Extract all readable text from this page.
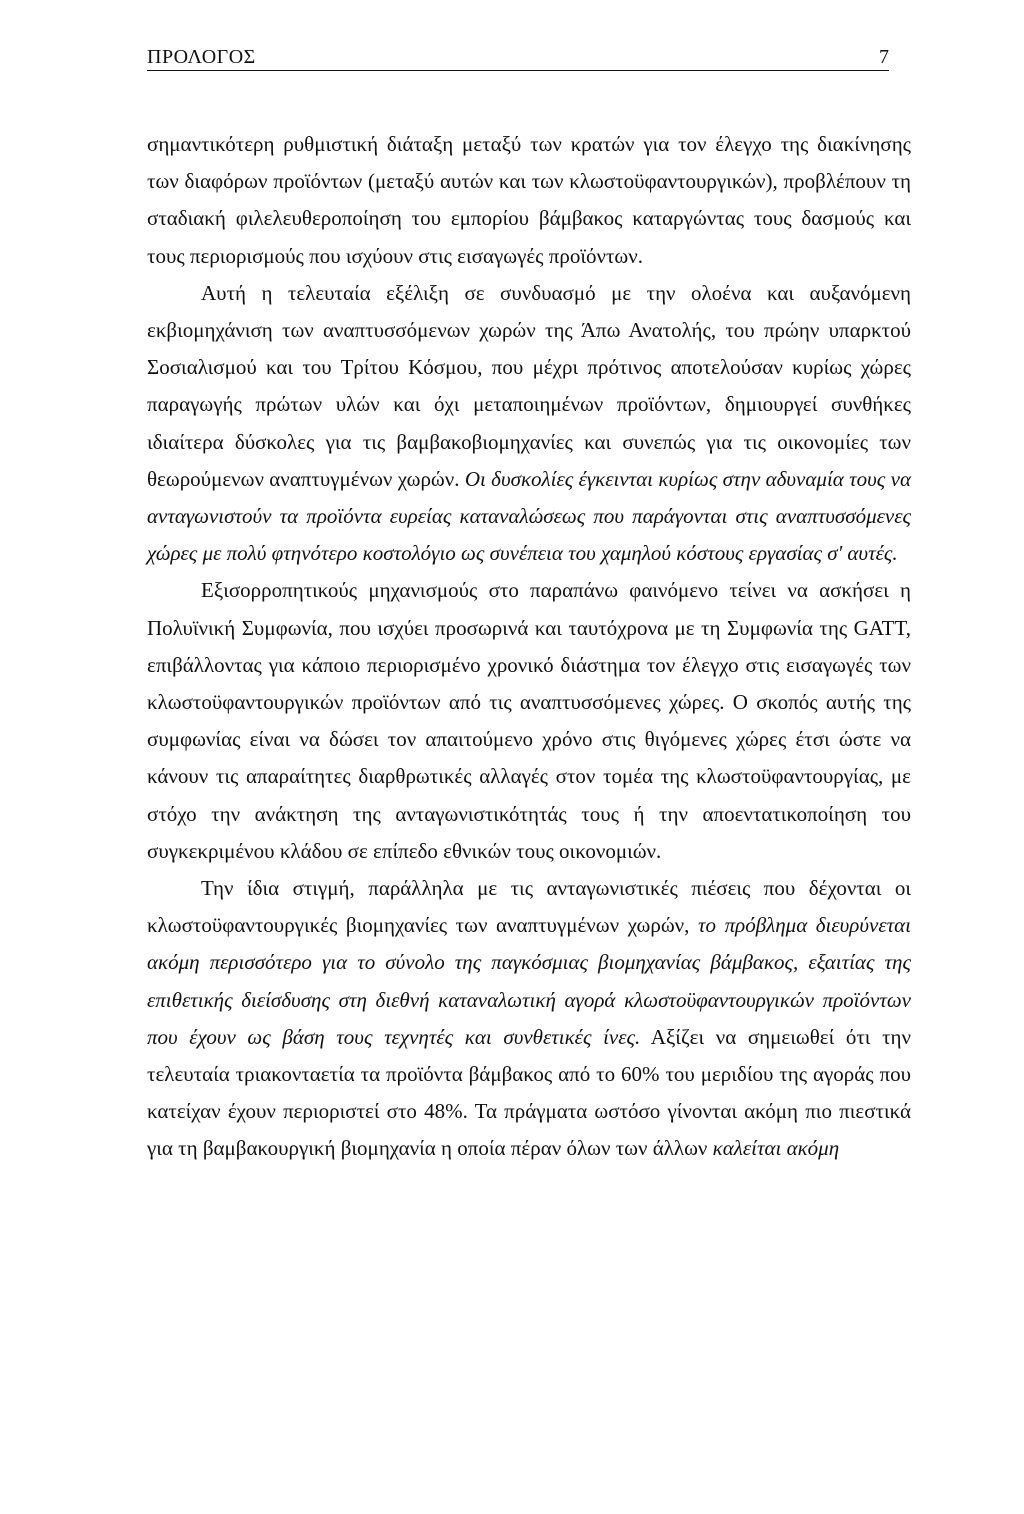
ΠΡΟΛΟΓΟΣ	7

σημαντικότερη ρυθμιστική διάταξη μεταξύ των κρατών για τον έλεγχο της διακίνησης των διαφόρων προϊόντων (μεταξύ αυτών και των κλωστοϋφαντουργικών), προβλέπουν τη σταδιακή φιλελευθεροποίηση του εμπορίου βάμβακος καταργώντας τους δασμούς και τους περιορισμούς που ισχύουν στις εισαγωγές προϊόντων.

Αυτή η τελευταία εξέλιξη σε συνδυασμό με την ολοένα και αυξανόμενη εκβιομηχάνιση των αναπτυσσόμενων χωρών της Άπω Ανατολής, του πρώην υπαρκτού Σοσιαλισμού και του Τρίτου Κόσμου, που μέχρι πρότινος αποτελούσαν κυρίως χώρες παραγωγής πρώτων υλών και όχι μεταποιημένων προϊόντων, δημιουργεί συνθήκες ιδιαίτερα δύσκολες για τις βαμβακοβιομηχανίες και συνεπώς για τις οικονομίες των θεωρούμενων αναπτυγμένων χωρών. Οι δυσκολίες έγκεινται κυρίως στην αδυναμία τους να ανταγωνιστούν τα προϊόντα ευρείας καταναλώσεως που παράγονται στις αναπτυσσόμενες χώρες με πολύ φτηνότερο κοστολόγιο ως συνέπεια του χαμηλού κόστους εργασίας σ' αυτές.

Εξισορροπητικούς μηχανισμούς στο παραπάνω φαινόμενο τείνει να ασκήσει η Πολυϊνική Συμφωνία, που ισχύει προσωρινά και ταυτόχρονα με τη Συμφωνία της GATT, επιβάλλοντας για κάποιο περιορισμένο χρονικό διάστημα τον έλεγχο στις εισαγωγές των κλωστοϋφαντουργικών προϊόντων από τις αναπτυσσόμενες χώρες. Ο σκοπός αυτής της συμφωνίας είναι να δώσει τον απαιτούμενο χρόνο στις θιγόμενες χώρες έτσι ώστε να κάνουν τις απαραίτητες διαρθρωτικές αλλαγές στον τομέα της κλωστοϋφαντουργίας, με στόχο την ανάκτηση της ανταγωνιστικότητάς τους ή την αποεντατικοποίηση του συγκεκριμένου κλάδου σε επίπεδο εθνικών τους οικονομιών.

Την ίδια στιγμή, παράλληλα με τις ανταγωνιστικές πιέσεις που δέχονται οι κλωστοϋφαντουργικές βιομηχανίες των αναπτυγμένων χωρών, το πρόβλημα διευρύνεται ακόμη περισσότερο για το σύνολο της παγκόσμιας βιομηχανίας βάμβακος, εξαιτίας της επιθετικής διείσδυσης στη διεθνή καταναλωτική αγορά κλωστοϋφαντουργικών προϊόντων που έχουν ως βάση τους τεχνητές και συνθετικές ίνες. Αξίζει να σημειωθεί ότι την τελευταία τριακονταετία τα προϊόντα βάμβακος από το 60% του μεριδίου της αγοράς που κατείχαν έχουν περιοριστεί στο 48%. Τα πράγματα ωστόσο γίνονται ακόμη πιο πιεστικά για τη βαμβακουργική βιομηχανία η οποία πέραν όλων των άλλων καλείται ακόμη
